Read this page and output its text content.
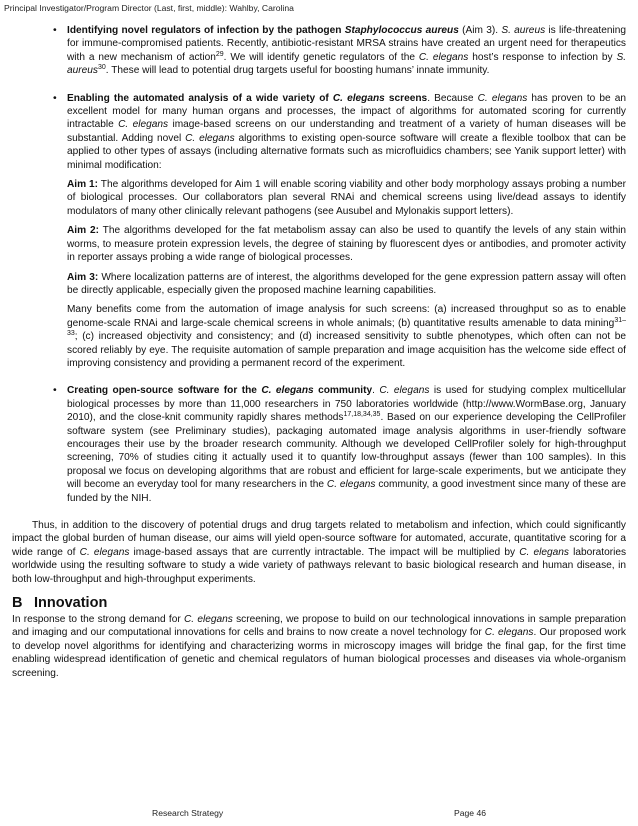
Principal Investigator/Program Director (Last, first, middle): Wahlby, Carolina
• Identifying novel regulators of infection by the pathogen Staphylococcus aureus (Aim 3). S. aureus is life-threatening for immune-compromised patients. Recently, antibiotic-resistant MRSA strains have created an urgent need for therapeutics with a new mechanism of action$^{29}$. We will identify genetic regulators of the C. elegans host’s response to infection by S. aureus$^{30}$. These will lead to potential drug targets useful for boosting humans’ innate immunity.
• Enabling the automated analysis of a wide variety of C. elegans screens. Because C. elegans has proven to be an excellent model for many human organs and processes, the impact of algorithms for automated scoring for currently intractable C. elegans image-based screens on our understanding and treatment of a variety of human diseases will be substantial. Adding novel C. elegans algorithms to existing open-source software will create a flexible toolbox that can be applied to other types of assays (including alternative formats such as microfluidics chambers; see Yanik support letter) with minimal modification:
Aim 1: The algorithms developed for Aim 1 will enable scoring viability and other body morphology assays probing a number of biological processes. Our collaborators plan several RNAi and chemical screens using live/dead assays to identify modulators of many other clinically relevant pathogens (see Ausubel and Mylonakis support letters).
Aim 2: The algorithms developed for the fat metabolism assay can also be used to quantify the levels of any stain within worms, to measure protein expression levels, the degree of staining by fluorescent dyes or antibodies, and promoter activity in reporter assays probing a wide range of biological processes.
Aim 3: Where localization patterns are of interest, the algorithms developed for the gene expression pattern assay will often be directly applicable, especially given the proposed machine learning capabilities.
Many benefits come from the automation of image analysis for such screens: (a) increased throughput so as to enable genome-scale RNAi and large-scale chemical screens in whole animals; (b) quantitative results amenable to data mining$^{31-33}$; (c) increased objectivity and consistency; and (d) increased sensitivity to subtle phenotypes, which often can not be scored reliably by eye. The requisite automation of sample preparation and image acquisition has the welcome side effect of improving consistency and providing a permanent record of the experiment.
• Creating open-source software for the C. elegans community. C. elegans is used for studying complex multicellular biological processes by more than 11,000 researchers in 750 laboratories worldwide (http://www.WormBase.org, January 2010), and the close-knit community rapidly shares methods$^{17,18,34,35}$. Based on our experience developing the CellProfiler software system (see Preliminary studies), packaging automated image analysis algorithms in user-friendly software encourages their use by the broader research community. Although we developed CellProfiler solely for high-throughput screening, 70% of studies citing it actually used it to quantify low-throughput assays (fewer than 100 samples). In this proposal we focus on developing algorithms that are robust and efficient for large-scale experiments, but we anticipate they will become an everyday tool for many researchers in the C. elegans community, a good investment since many of these are funded by the NIH.

Thus, in addition to the discovery of potential drugs and drug targets related to metabolism and infection, which could significantly impact the global burden of human disease, our aims will yield open-source software for automated, accurate, quantitative scoring for a wide range of C. elegans image-based assays that are currently intractable. The impact will be multiplied by C. elegans laboratories worldwide using the resulting software to study a wide variety of pathways relevant to basic biological research and human disease, in both low-throughput and high-throughput experiments.

B Innovation

In response to the strong demand for C. elegans screening, we propose to build on our technological innovations in sample preparation and imaging and our computational innovations for cells and brains to now create a novel technology for C. elegans. Our proposed work to develop novel algorithms for identifying and characterizing worms in microscopy images will bridge the final gap, for the first time enabling widespread identification of genetic and chemical regulators of human biological processes and diseases via whole-organism screening.

Research Strategy	Page 46
